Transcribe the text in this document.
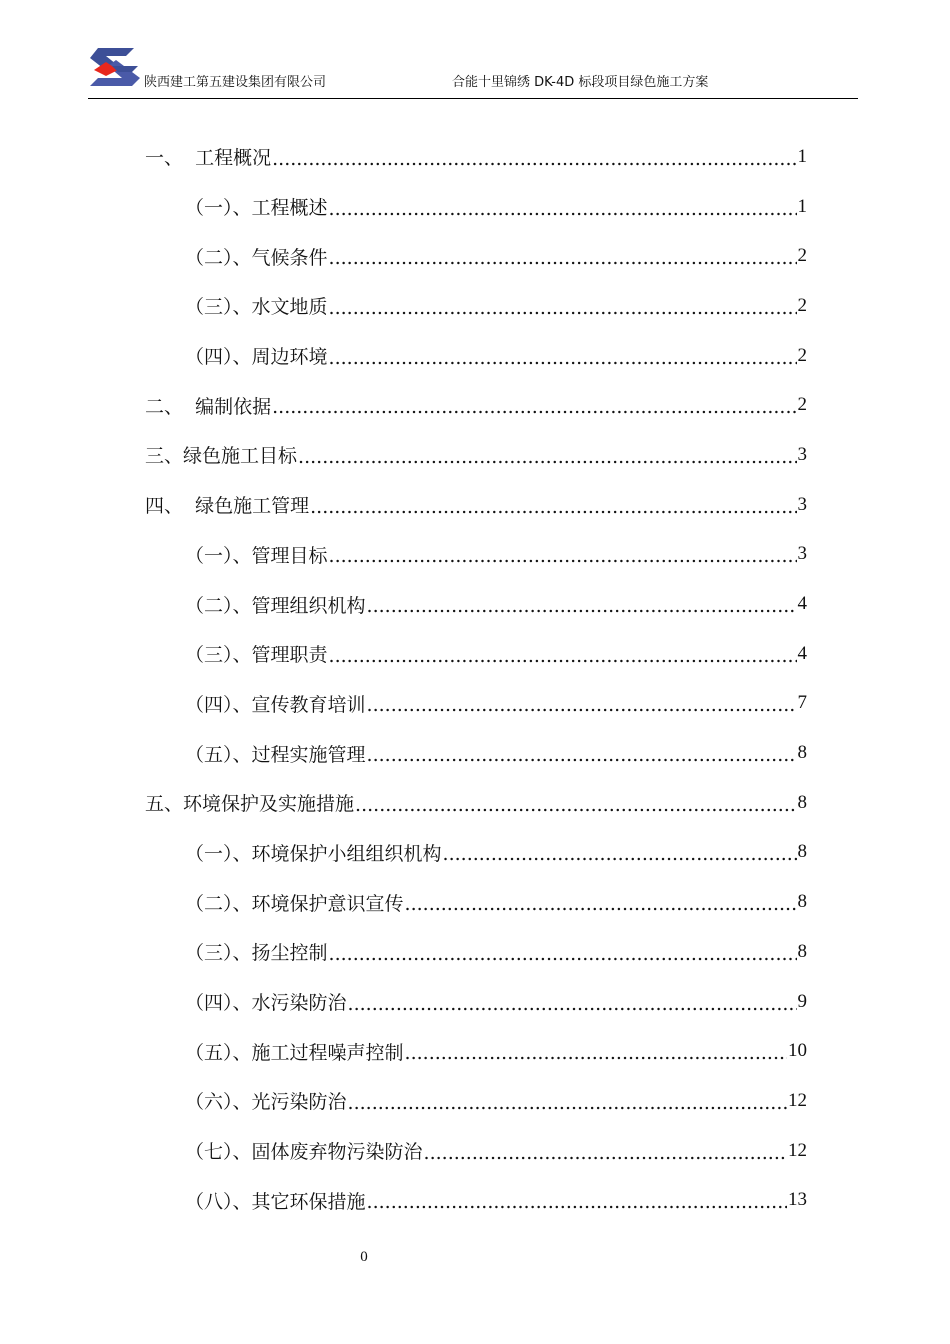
陕西建工第五建设集团有限公司	合能十里锦绣 DK-4D 标段项目绿色施工方案
一、  工程概况 .....	1
（一）、工程概述 .....	1
（二）、气候条件 .....	2
（三）、水文地质 .....	2
（四）、周边环境 .....	2
二、  编制依据 .....	2
三、绿色施工目标 .....	3
四、  绿色施工管理 .....	3
（一）、管理目标 .....	3
（二）、管理组织机构 .....	4
（三）、管理职责 .....	4
（四）、宣传教育培训 .....	7
（五）、过程实施管理 .....	8
五、环境保护及实施措施 .....	8
（一）、环境保护小组组织机构 .....	8
（二）、环境保护意识宣传 .....	8
（三）、扬尘控制 .....	8
（四）、水污染防治 .....	9
（五）、施工过程噪声控制 .....	10
（六）、光污染防治 .....	12
（七）、固体废弃物污染防治 .....	12
（八）、其它环保措施 .....	13
0
